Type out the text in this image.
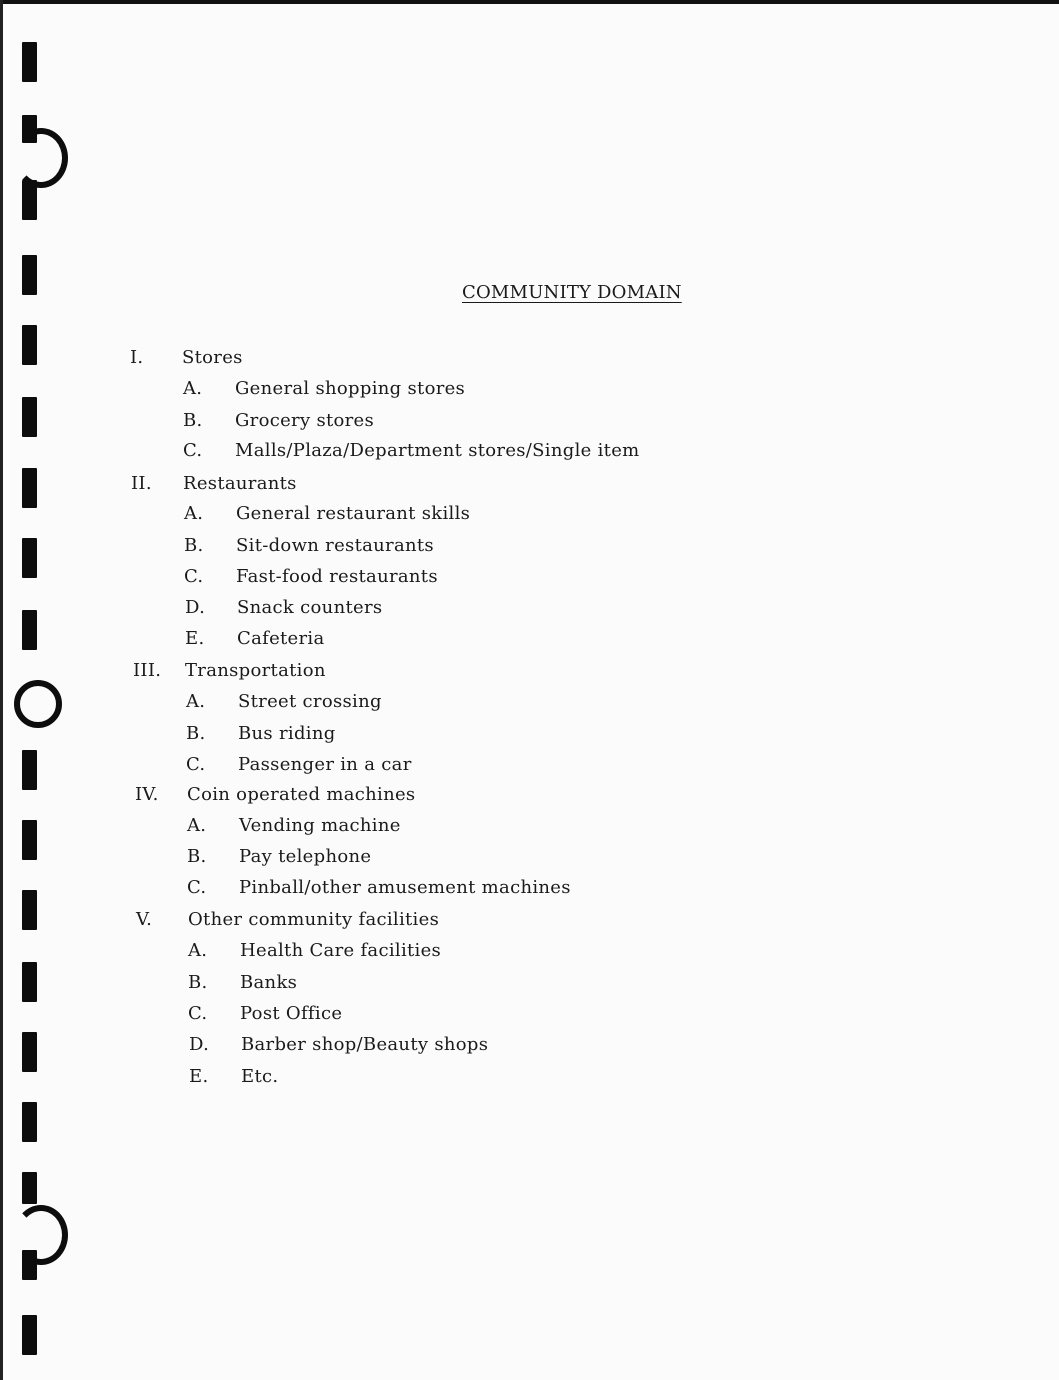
COMMUNITY DOMAIN
I. Stores
A. General shopping stores
B. Grocery stores
C. Malls/Plaza/Department stores/Single item
II. Restaurants
A. General restaurant skills
B. Sit-down restaurants
C. Fast-food restaurants
D. Snack counters
E. Cafeteria
III. Transportation
A. Street crossing
B. Bus riding
C. Passenger in a car
IV. Coin operated machines
A. Vending machine
B. Pay telephone
C. Pinball/other amusement machines
V. Other community facilities
A. Health Care facilities
B. Banks
C. Post Office
D. Barber shop/Beauty shops
E. Etc.
